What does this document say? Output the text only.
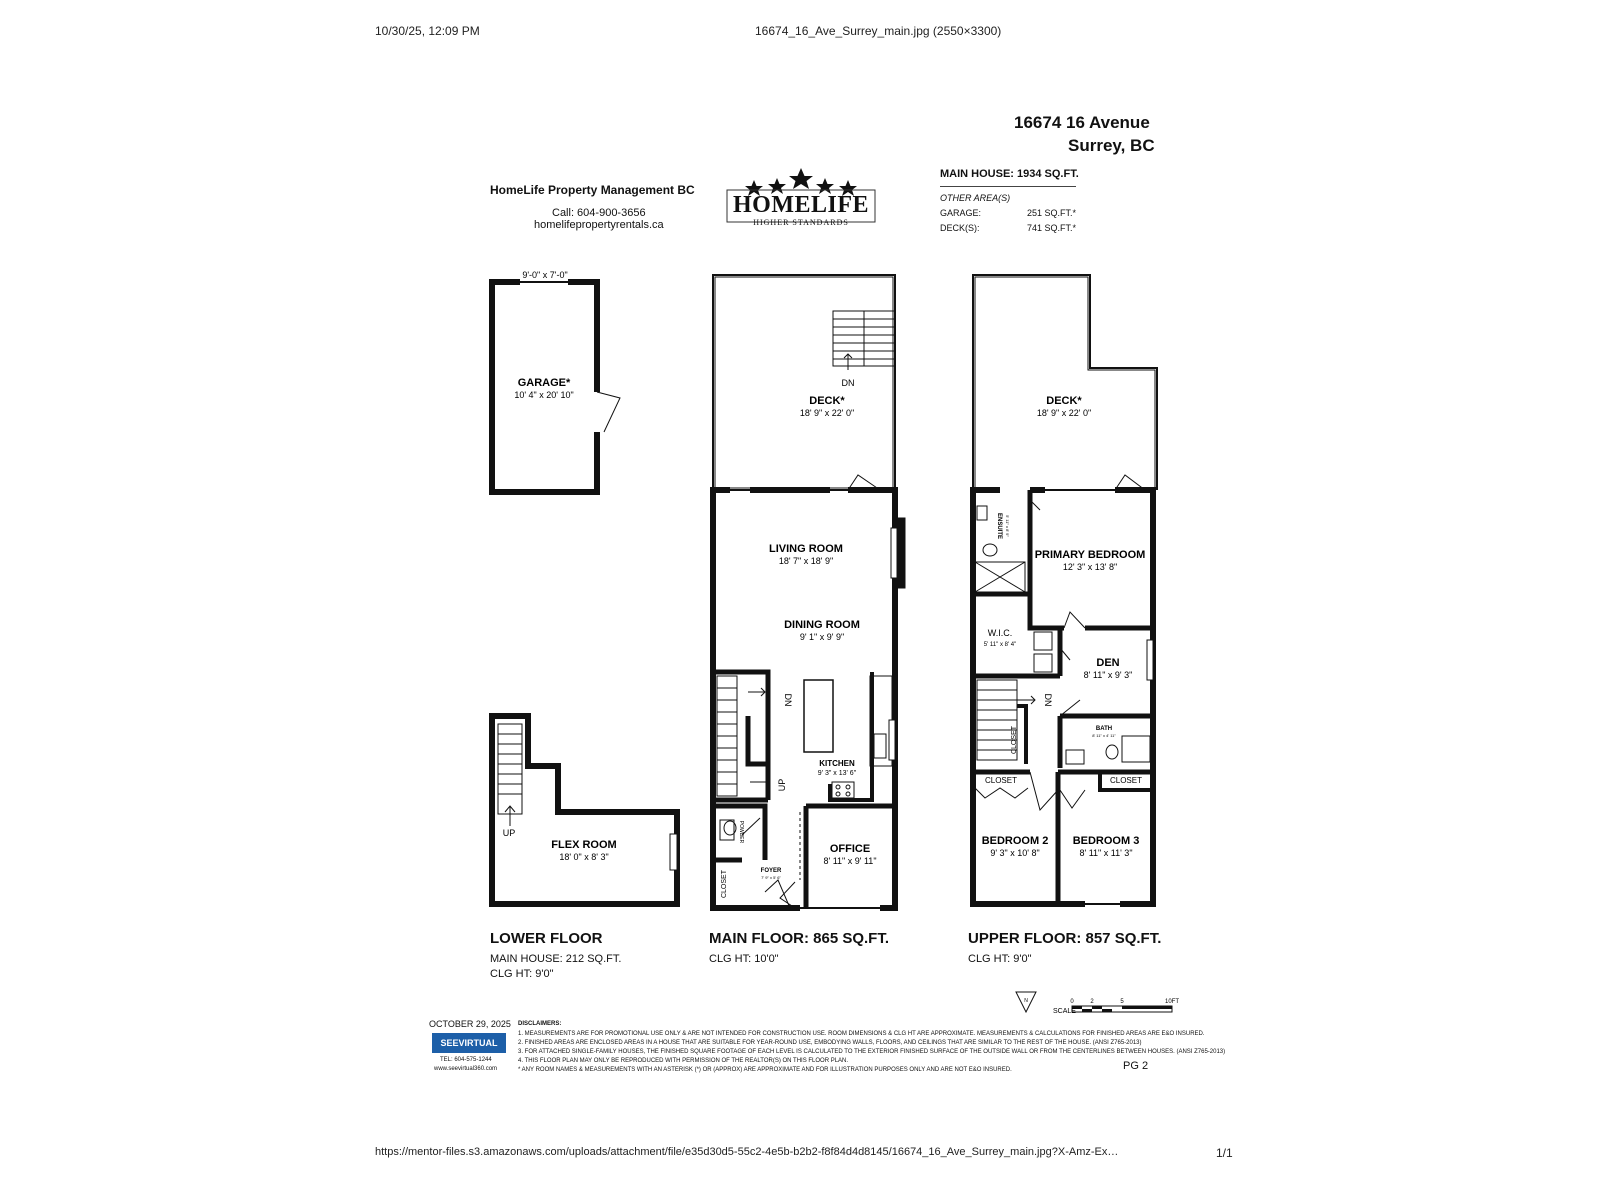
10/30/25, 12:09 PM	16674_16_Ave_Surrey_main.jpg (2550×3300)
16674 16 Avenue
Surrey, BC
HomeLife Property Management BC
Call: 604-900-3656
homelifepropertyrentals.ca
HOMELIFE
HIGHER STANDARDS
MAIN HOUSE: 1934 SQ.FT.
OTHER AREA(S)
GARAGE:	251 SQ.FT.*
DECK(S):	741 SQ.FT.*
9'-0" x 7'-0"
GARAGE*
10' 4" x 20' 10"
UP
FLEX ROOM
18' 0" x 8' 3"
DECK*
18' 9" x 22' 0"
DN
LIVING ROOM
18' 7" x 18' 9"
DINING ROOM
9' 1" x 9' 9"
DN
UP
KITCHEN
9' 3" x 13' 6"
OFFICE
8' 11" x 9' 11"
FOYER
7' 9" x 5' 6"
POWDER
CLOSET
DECK*
18' 9" x 22' 0"
ENSUITE 5' 11" x 8' 9"
PRIMARY BEDROOM
12' 3" x 13' 8"
W.I.C.
5' 11" x 8' 4"
DEN
8' 11" x 9' 3"
DN
CLOSET	BATH
8' 11" x 4' 11"
CLOSET	CLOSET
BEDROOM 2
9' 3" x 10' 8"
BEDROOM 3
8' 11" x 11' 3"
N
SCALE
0	2	5	10FT
LOWER FLOOR
MAIN HOUSE: 212 SQ.FT.
CLG HT: 9'0"
MAIN FLOOR: 865 SQ.FT.
CLG HT: 10'0"
UPPER FLOOR: 857 SQ.FT.
CLG HT: 9'0"
OCTOBER 29, 2025
SEEVIRTUAL
TEL: 604-575-1244
www.seevirtual360.com
DISCLAIMERS:
1. MEASUREMENTS ARE FOR PROMOTIONAL USE ONLY & ARE NOT INTENDED FOR CONSTRUCTION USE. ROOM DIMENSIONS & CLG HT ARE APPROXIMATE. MEASUREMENTS & CALCULATIONS FOR FINISHED AREAS ARE E&O INSURED.
2. FINISHED AREAS ARE ENCLOSED AREAS IN A HOUSE THAT ARE SUITABLE FOR YEAR-ROUND USE, EMBODYING WALLS, FLOORS, AND CEILINGS THAT ARE SIMILAR TO THE REST OF THE HOUSE. (ANSI Z765-2013)
3. FOR ATTACHED SINGLE-FAMILY HOUSES, THE FINISHED SQUARE FOOTAGE OF EACH LEVEL IS CALCULATED TO THE EXTERIOR FINISHED SURFACE OF THE OUTSIDE WALL OR FROM THE CENTERLINES BETWEEN HOUSES. (ANSI Z765-2013)
4. THIS FLOOR PLAN MAY ONLY BE REPRODUCED WITH PERMISSION OF THE REALTOR(S) ON THIS FLOOR PLAN.
* ANY ROOM NAMES & MEASUREMENTS WITH AN ASTERISK (*) OR (APPROX) ARE APPROXIMATE AND FOR ILLUSTRATION PURPOSES ONLY AND ARE NOT E&O INSURED.	PG 2
https://mentor-files.s3.amazonaws.com/uploads/attachment/file/e35d30d5-55c2-4e5b-b2b2-f8f84d4d8145/16674_16_Ave_Surrey_main.jpg?X-Amz-Ex…	1/1
